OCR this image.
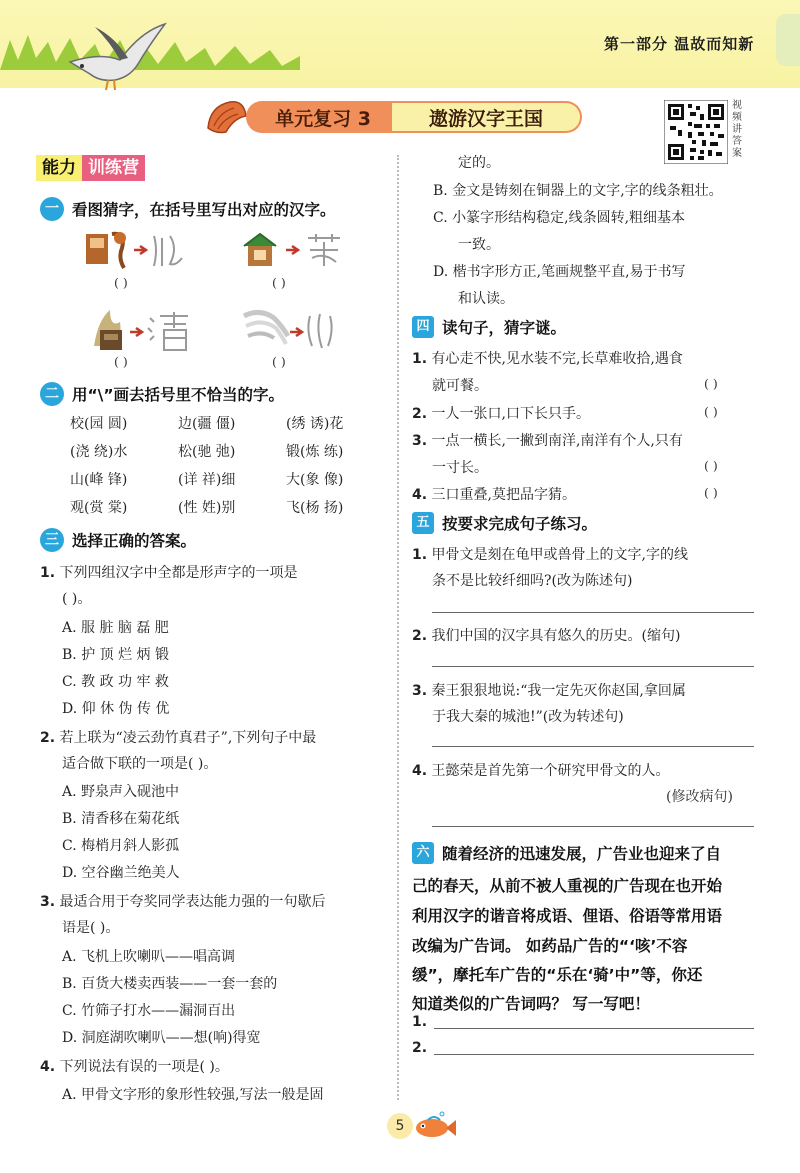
第一部分 温故而知新
单元复习 3	遨游汉字王国
视频讲答案
能力 训练营
一 看图猜字，在括号里写出对应的汉字。
( )	( )
( )	( )
二 用“\”画去括号里不恰当的字。
校(园 圆)	边(疆 僵)	(绣 诱)花
(浇 绕)水	松(驰 弛)	锻(炼 练)
山(峰 锋)	(详 祥)细	大(象 像)
观(赏 棠)	(性 姓)别	飞(杨 扬)
三 选择正确的答案。
1. 下列四组汉字中全都是形声字的一项是
( )。
A. 服 脏 脑 磊 肥
B. 护 顶 烂 炳 锻
C. 教 政 功 牢 救
D. 仰 休 伪 传 优
2. 若上联为“凌云劲竹真君子”,下列句子中最
适合做下联的一项是( )。
A. 野泉声入砚池中
B. 清香移在菊花纸
C. 梅梢月斜人影孤
D. 空谷幽兰绝美人
3. 最适合用于夸奖同学表达能力强的一句歇后
语是( )。
A. 飞机上吹喇叭——唱高调
B. 百货大楼卖西装——一套一套的
C. 竹筛子打水——漏洞百出
D. 洞庭湖吹喇叭——想(响)得宽
4. 下列说法有误的一项是( )。
A. 甲骨文字形的象形性较强,写法一般是固
定的。
B. 金文是铸刻在铜器上的文字,字的线条粗壮。
C. 小篆字形结构稳定,线条圆转,粗细基本
一致。
D. 楷书字形方正,笔画规整平直,易于书写
和认读。
四 读句子，猜字谜。
1. 有心走不快,见水装不完,长草难收拾,遇食
就可餐。	( )
2. 一人一张口,口下长只手。	( )
3. 一点一横长,一撇到南洋,南洋有个人,只有
一寸长。	( )
4. 三口重叠,莫把品字猜。	( )
五 按要求完成句子练习。
1. 甲骨文是刻在龟甲或兽骨上的文字,字的线
条不是比较纤细吗?(改为陈述句)
2. 我们中国的汉字具有悠久的历史。(缩句)
3. 秦王狠狠地说:“我一定先灭你赵国,拿回属
于我大秦的城池!”(改为转述句)
4. 王懿荣是首先第一个研究甲骨文的人。
(修改病句)
六 随着经济的迅速发展，广告业也迎来了自
己的春天，从前不被人重视的广告现在也开始
利用汉字的谐音将成语、俚语、俗语等常用语
改编为广告词。 如药品广告的“‘咳’不容
缓”，摩托车广告的“乐在‘骑’中”等，你还
知道类似的广告词吗？ 写一写吧！
1.
2.
5
